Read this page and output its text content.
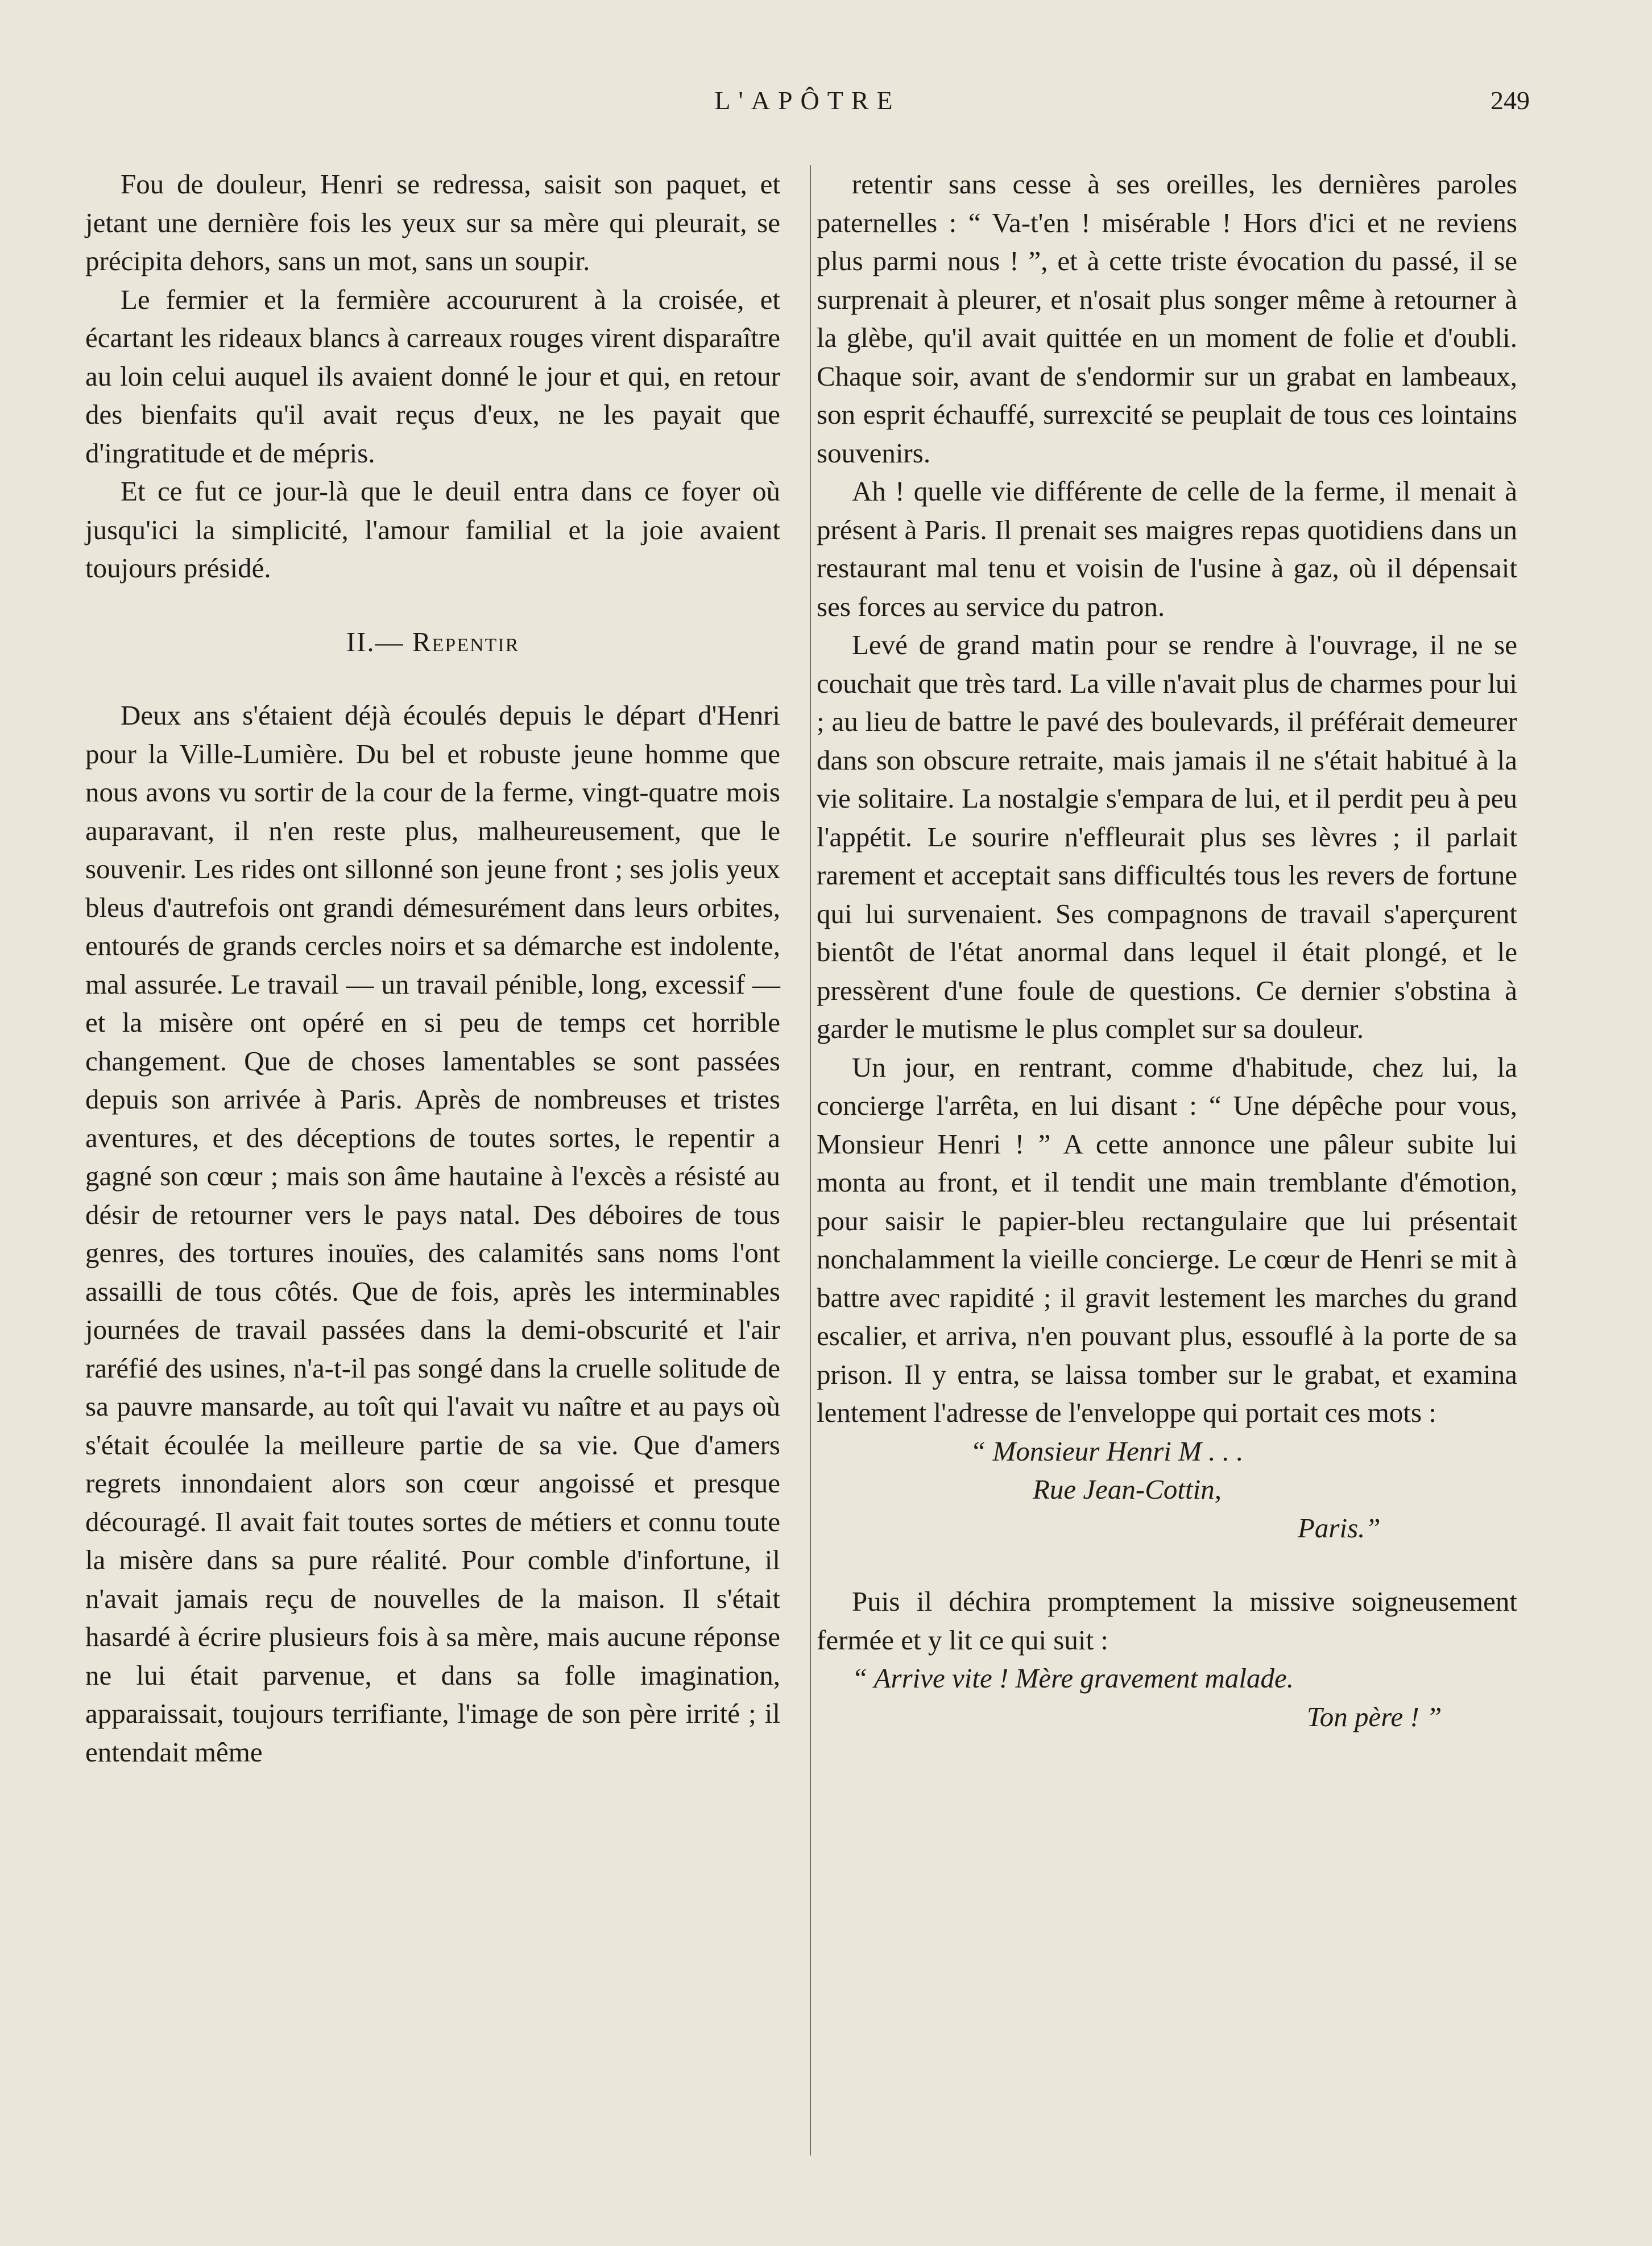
L'APÔTRE	249

Fou de douleur, Henri se redressa, saisit son paquet, et jetant une dernière fois les yeux sur sa mère qui pleurait, se précipita dehors, sans un mot, sans un soupir.

Le fermier et la fermière accoururent à la croisée, et écartant les rideaux blancs à carreaux rouges virent disparaître au loin celui auquel ils avaient donné le jour et qui, en retour des bienfaits qu'il avait reçus d'eux, ne les payait que d'ingratitude et de mépris.

Et ce fut ce jour-là que le deuil entra dans ce foyer où jusqu'ici la simplicité, l'amour familial et la joie avaient toujours présidé.

II.— Repentir

Deux ans s'étaient déjà écoulés depuis le départ d'Henri pour la Ville-Lumière. Du bel et robuste jeune homme que nous avons vu sortir de la cour de la ferme, vingt-quatre mois auparavant, il n'en reste plus, malheureusement, que le souvenir. Les rides ont sillonné son jeune front ; ses jolis yeux bleus d'autrefois ont grandi démesurément dans leurs orbites, entourés de grands cercles noirs et sa démarche est indolente, mal assurée. Le travail — un travail pénible, long, excessif — et la misère ont opéré en si peu de temps cet horrible changement. Que de choses lamentables se sont passées depuis son arrivée à Paris. Après de nombreuses et tristes aventures, et des déceptions de toutes sortes, le repentir a gagné son cœur ; mais son âme hautaine à l'excès a résisté au désir de retourner vers le pays natal. Des déboires de tous genres, des tortures inouïes, des calamités sans noms l'ont assailli de tous côtés. Que de fois, après les interminables journées de travail passées dans la demi-obscurité et l'air raréfié des usines, n'a-t-il pas songé dans la cruelle solitude de sa pauvre mansarde, au toît qui l'avait vu naître et au pays où s'était écoulée la meilleure partie de sa vie. Que d'amers regrets innondaient alors son cœur angoissé et presque découragé. Il avait fait toutes sortes de métiers et connu toute la misère dans sa pure réalité. Pour comble d'infortune, il n'avait jamais reçu de nouvelles de la maison. Il s'était hasardé à écrire plusieurs fois à sa mère, mais aucune réponse ne lui était parvenue, et dans sa folle imagination, apparaissait, toujours terrifiante, l'image de son père irrité ; il entendait même

retentir sans cesse à ses oreilles, les dernières paroles paternelles : “ Va-t'en ! misérable ! Hors d'ici et ne reviens plus parmi nous ! ”, et à cette triste évocation du passé, il se surprenait à pleurer, et n'osait plus songer même à retourner à la glèbe, qu'il avait quittée en un moment de folie et d'oubli. Chaque soir, avant de s'endormir sur un grabat en lambeaux, son esprit échauffé, surrexcité se peuplait de tous ces lointains souvenirs.

Ah ! quelle vie différente de celle de la ferme, il menait à présent à Paris. Il prenait ses maigres repas quotidiens dans un restaurant mal tenu et voisin de l'usine à gaz, où il dépensait ses forces au service du patron.

Levé de grand matin pour se rendre à l'ouvrage, il ne se couchait que très tard. La ville n'avait plus de charmes pour lui ; au lieu de battre le pavé des boulevards, il préférait demeurer dans son obscure retraite, mais jamais il ne s'était habitué à la vie solitaire. La nostalgie s'empara de lui, et il perdit peu à peu l'appétit. Le sourire n'effleurait plus ses lèvres ; il parlait rarement et acceptait sans difficultés tous les revers de fortune qui lui survenaient. Ses compagnons de travail s'aperçurent bientôt de l'état anormal dans lequel il était plongé, et le pressèrent d'une foule de questions. Ce dernier s'obstina à garder le mutisme le plus complet sur sa douleur.

Un jour, en rentrant, comme d'habitude, chez lui, la concierge l'arrêta, en lui disant : “ Une dépêche pour vous, Monsieur Henri ! ” A cette annonce une pâleur subite lui monta au front, et il tendit une main tremblante d'émotion, pour saisir le papier-bleu rectangulaire que lui présentait nonchalamment la vieille concierge. Le cœur de Henri se mit à battre avec rapidité ; il gravit lestement les marches du grand escalier, et arriva, n'en pouvant plus, essouflé à la porte de sa prison. Il y entra, se laissa tomber sur le grabat, et examina lentement l'adresse de l'enveloppe qui portait ces mots :

“ Monsieur Henri M . . .
Rue Jean-Cottin,
Paris.”

Puis il déchira promptement la missive soigneusement fermée et y lit ce qui suit :

“ Arrive vite ! Mère gravement malade.
Ton père ! ”
